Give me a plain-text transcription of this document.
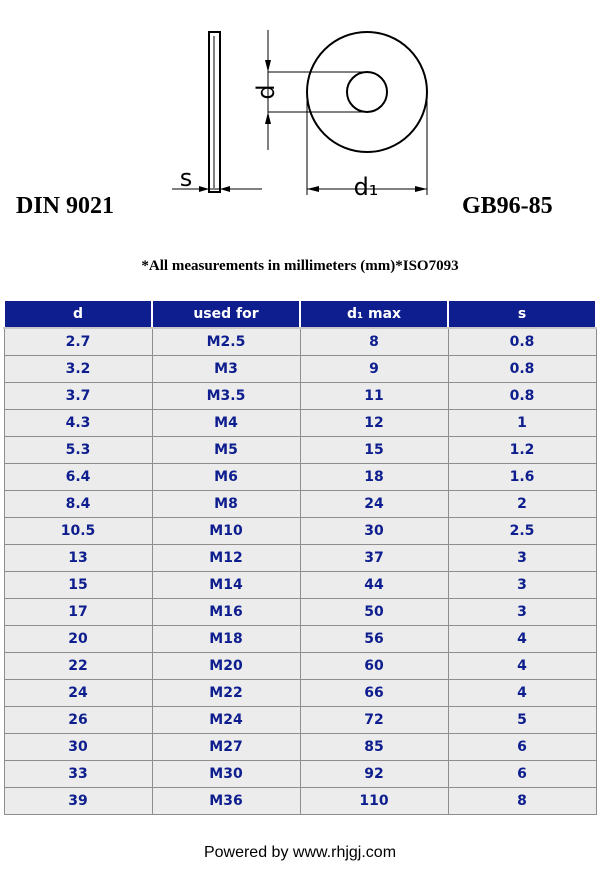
d
s	d₁
DIN 9021	GB96-85
*All measurements in millimeters (mm)*ISO7093
d	used for	d₁ max	s
2.7	M2.5	8	0.8
3.2	M3	9	0.8
3.7	M3.5	11	0.8
4.3	M4	12	1
5.3	M5	15	1.2
6.4	M6	18	1.6
8.4	M8	24	2
10.5	M10	30	2.5
13	M12	37	3
15	M14	44	3
17	M16	50	3
20	M18	56	4
22	M20	60	4
24	M22	66	4
26	M24	72	5
30	M27	85	6
33	M30	92	6
39	M36	110	8
Powered by www.rhjgj.com
